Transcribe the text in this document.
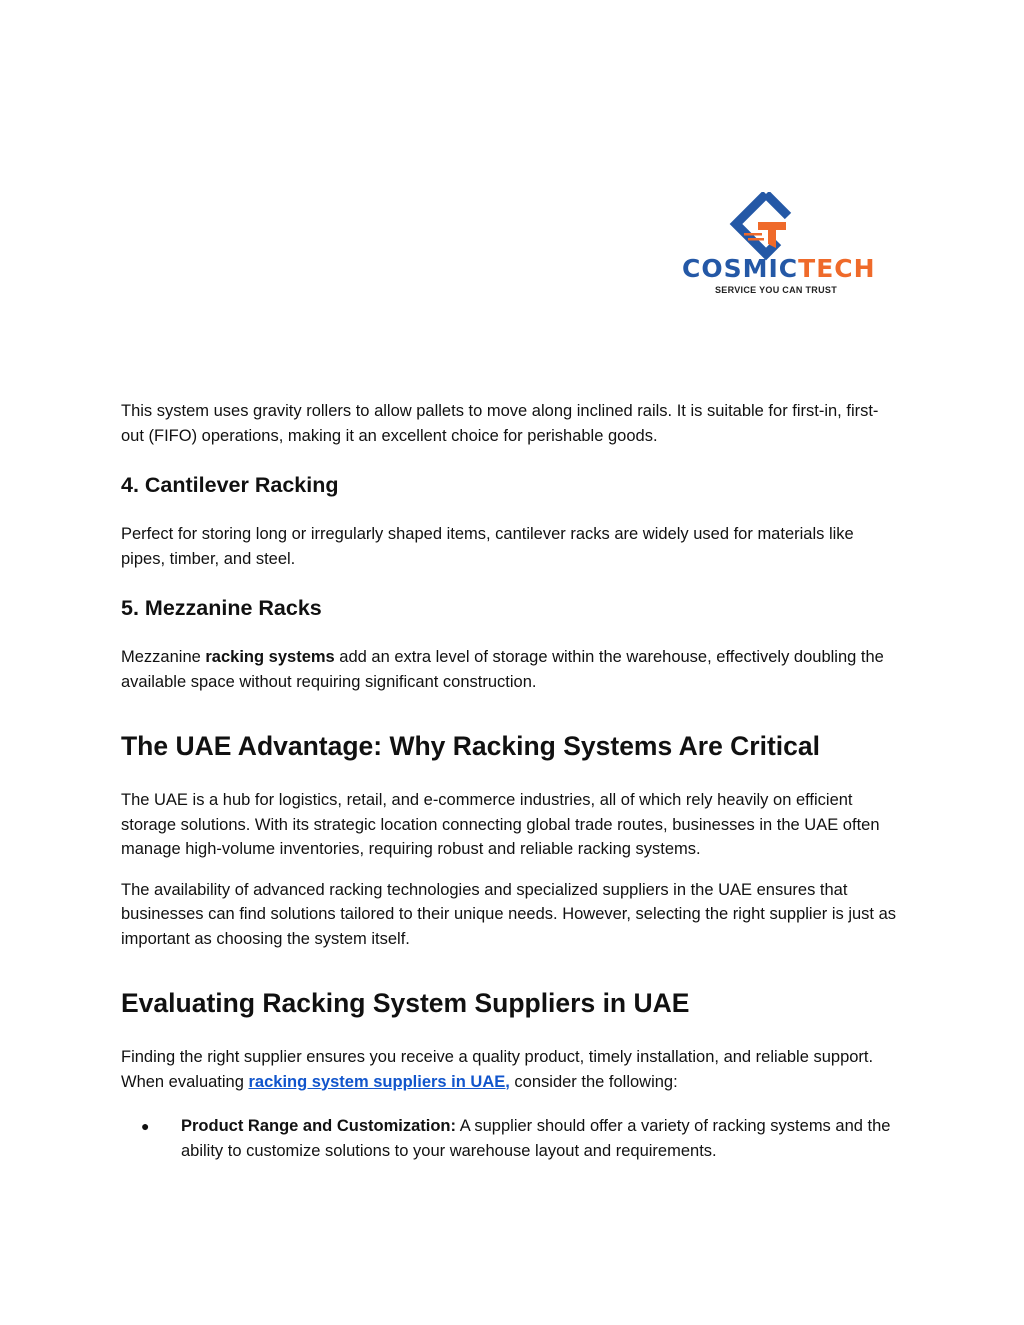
COSMICTECH
SERVICE YOU CAN TRUST

This system uses gravity rollers to allow pallets to move along inclined rails. It is suitable for first-in, first-out (FIFO) operations, making it an excellent choice for perishable goods.

4. Cantilever Racking

Perfect for storing long or irregularly shaped items, cantilever racks are widely used for materials like pipes, timber, and steel.

5. Mezzanine Racks

Mezzanine racking systems add an extra level of storage within the warehouse, effectively doubling the available space without requiring significant construction.

The UAE Advantage: Why Racking Systems Are Critical

The UAE is a hub for logistics, retail, and e-commerce industries, all of which rely heavily on efficient storage solutions. With its strategic location connecting global trade routes, businesses in the UAE often manage high-volume inventories, requiring robust and reliable racking systems.

The availability of advanced racking technologies and specialized suppliers in the UAE ensures that businesses can find solutions tailored to their unique needs. However, selecting the right supplier is just as important as choosing the system itself.

Evaluating Racking System Suppliers in UAE

Finding the right supplier ensures you receive a quality product, timely installation, and reliable support. When evaluating racking system suppliers in UAE, consider the following:

● Product Range and Customization: A supplier should offer a variety of racking systems and the ability to customize solutions to your warehouse layout and requirements.
